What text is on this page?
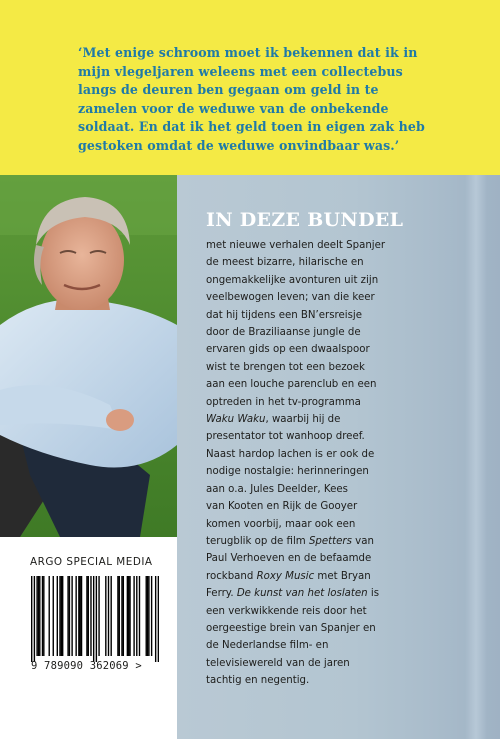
‘Met enige schroom moet ik bekennen dat ik in
mijn vlegeljaren weleens met een collectebus
langs de deuren ben gegaan om geld in te
zamelen voor de weduwe van de onbekende
soldaat. En dat ik het geld toen in eigen zak heb
gestoken omdat de weduwe onvindbaar was.’
IN DEZE BUNDEL

met nieuwe verhalen deelt Spanjer
de meest bizarre, hilarische en
ongemakkelijke avonturen uit zijn
veelbewogen leven; van die keer
dat hij tijdens een BN’ersreisje
door de Braziliaanse jungle de
ervaren gids op een dwaalspoor
wist te brengen tot een bezoek
aan een louche parenclub en een
optreden in het tv-programma
Waku Waku, waarbij hij de
presentator tot wanhoop dreef.
Naast hardop lachen is er ook de
nodige nostalgie: herinneringen
aan o.a. Jules Deelder, Kees
van Kooten en Rijk de Gooyer
komen voorbij, maar ook een
terugblik op de film Spetters van
Paul Verhoeven en de befaamde
rockband Roxy Music met Bryan
Ferry. De kunst van het loslaten is
een verkwikkende reis door het
oergeestige brein van Spanjer en
de Nederlandse film- en
televisiewereld van de jaren
tachtig en negentig.

ARGO SPECIAL MEDIA
9 789090 362069 >
